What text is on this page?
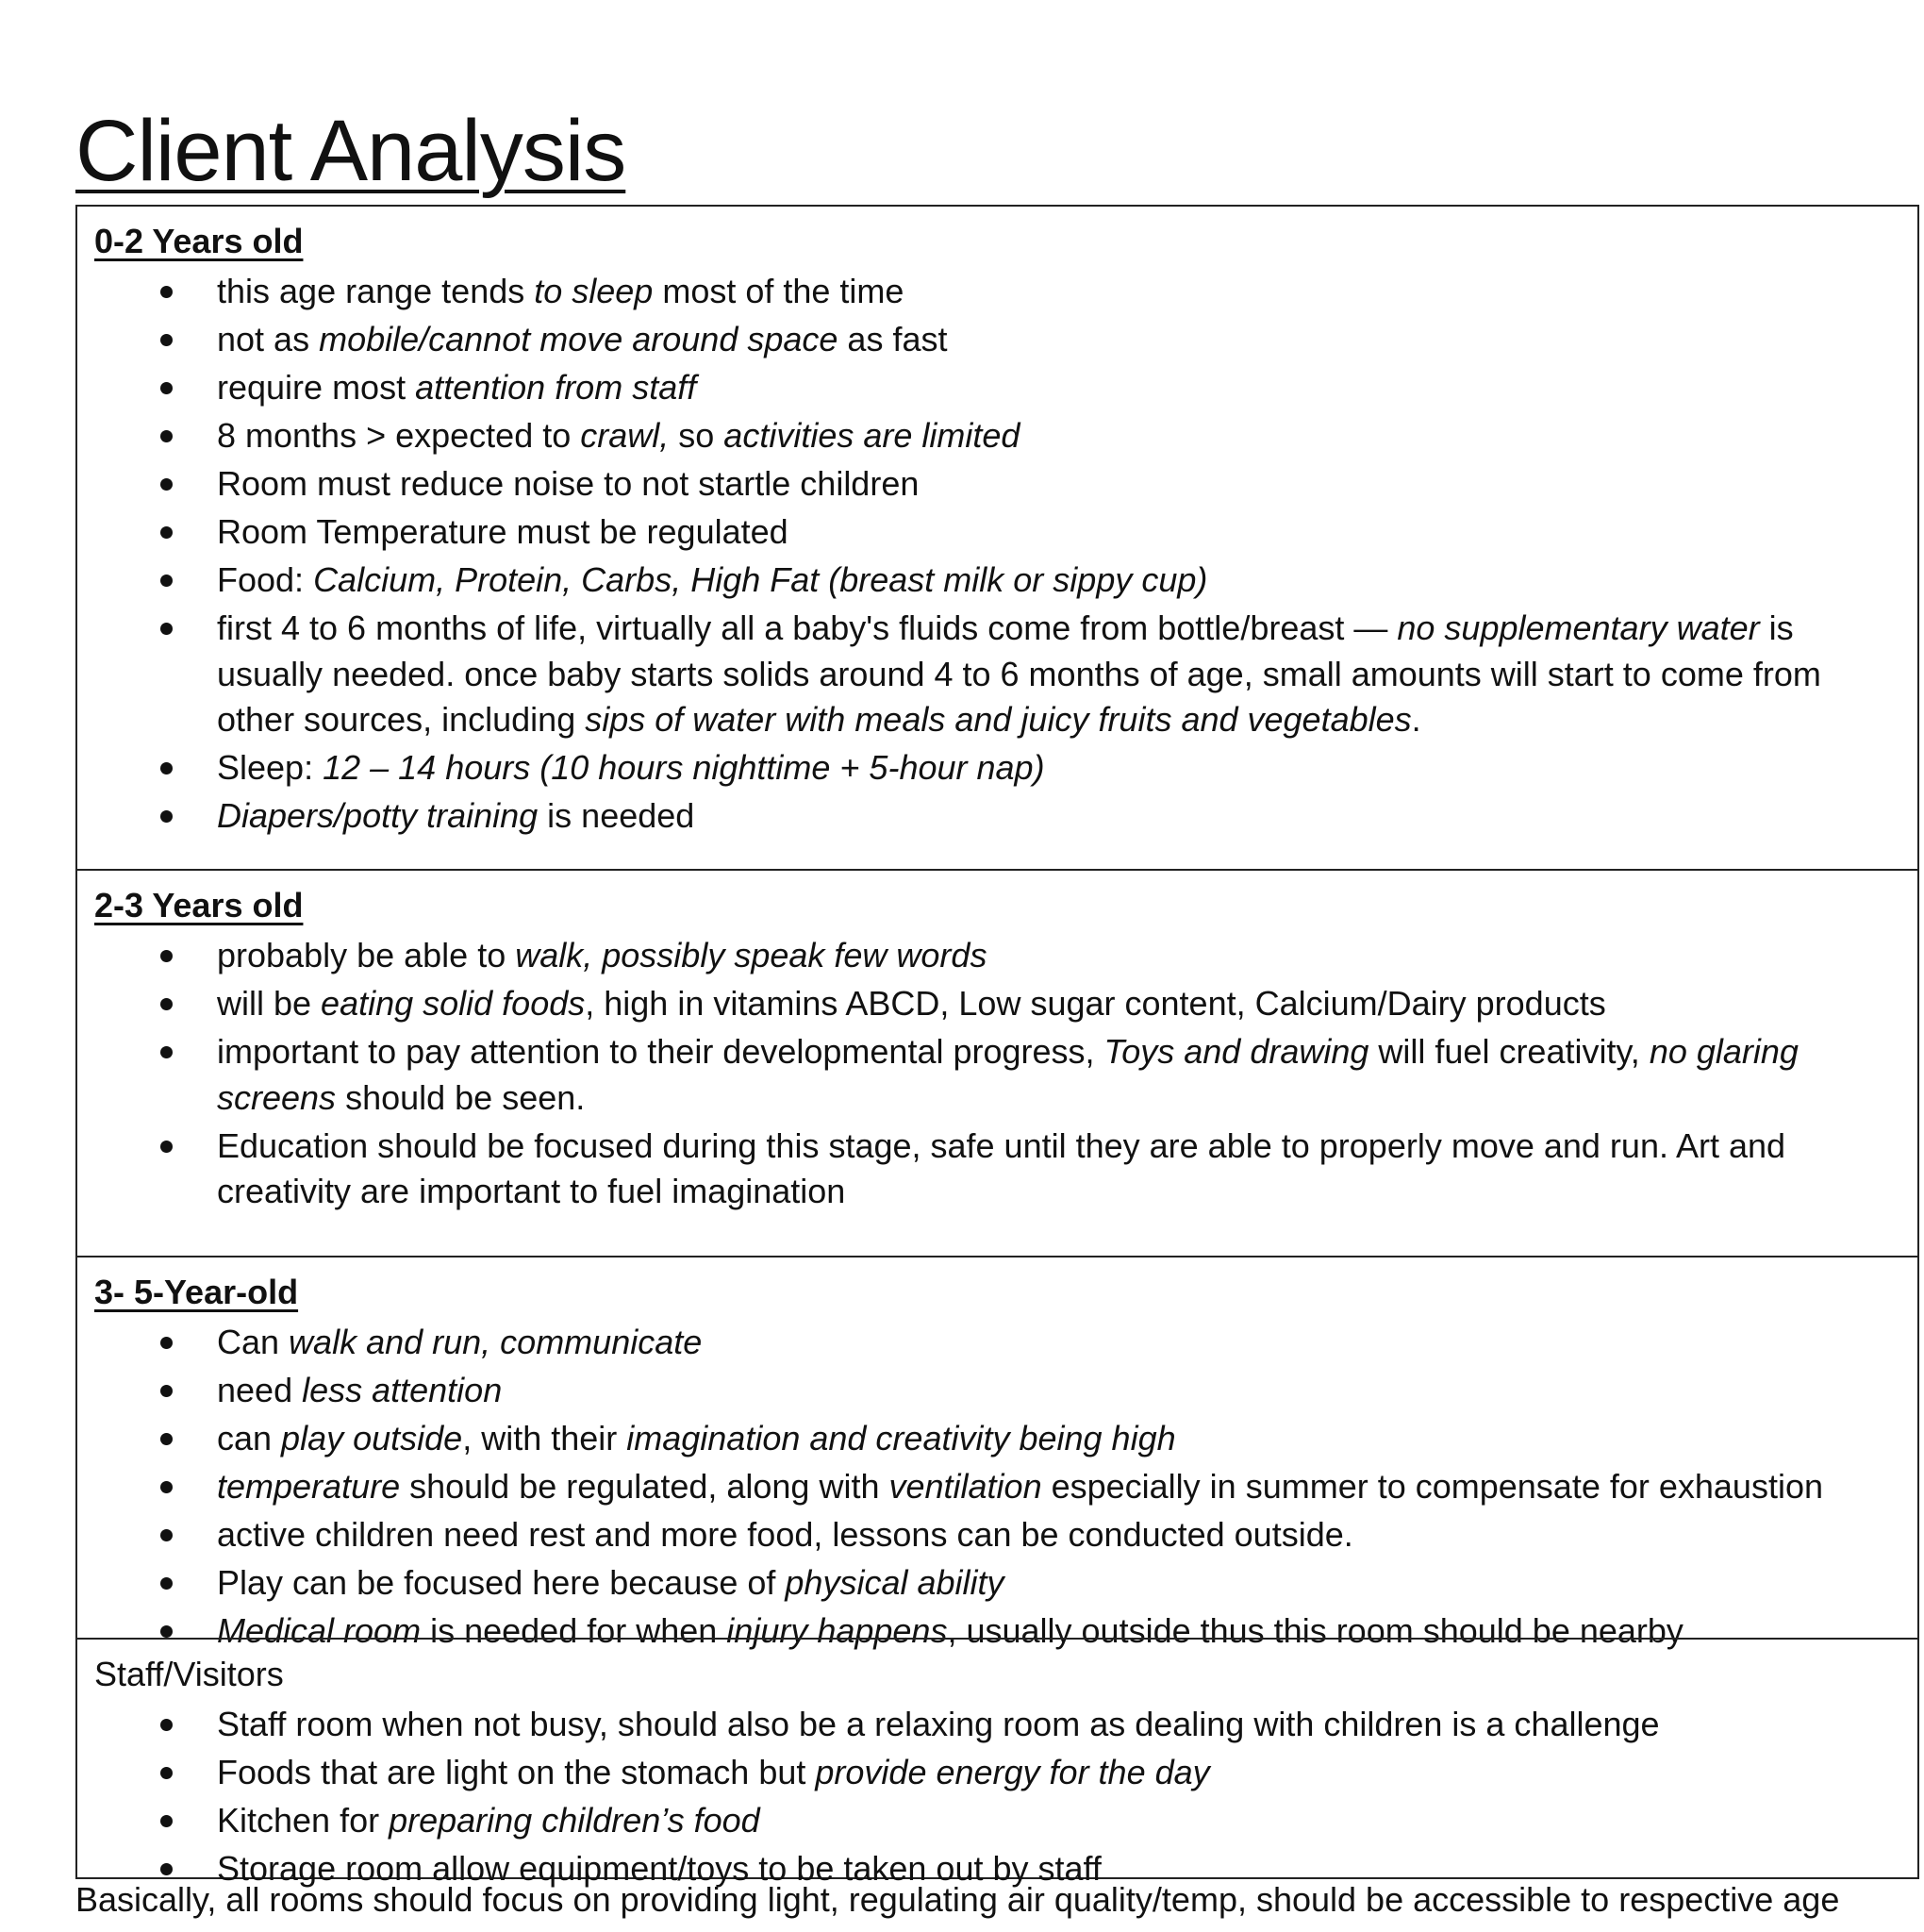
Client Analysis

0-2 Years old

this age range tends to sleep most of the time
not as mobile/cannot move around space as fast
require most attention from staff
8 months > expected to crawl, so activities are limited
Room must reduce noise to not startle children
Room Temperature must be regulated
Food: Calcium, Protein, Carbs, High Fat (breast milk or sippy cup)
first 4 to 6 months of life, virtually all a baby's fluids come from bottle/breast — no supplementary water is usually needed. once baby starts solids around 4 to 6 months of age, small amounts will start to come from other sources, including sips of water with meals and juicy fruits and vegetables.
Sleep: 12 – 14 hours (10 hours nighttime + 5-hour nap)
Diapers/potty training is needed

2-3 Years old

probably be able to walk, possibly speak few words
will be eating solid foods, high in vitamins ABCD, Low sugar content, Calcium/Dairy products
important to pay attention to their developmental progress, Toys and drawing will fuel creativity, no glaring screens should be seen.
Education should be focused during this stage, safe until they are able to properly move and run. Art and creativity are important to fuel imagination

3- 5-Year-old

Can walk and run, communicate
need less attention
can play outside, with their imagination and creativity being high
temperature should be regulated, along with ventilation especially in summer to compensate for exhaustion
active children need rest and more food, lessons can be conducted outside.
Play can be focused here because of physical ability
Medical room is needed for when injury happens, usually outside thus this room should be nearby

Staff/Visitors

Staff room when not busy, should also be a relaxing room as dealing with children is a challenge
Foods that are light on the stomach but provide energy for the day
Kitchen for preparing children’s food
Storage room allow equipment/toys to be taken out by staff
Basically, all rooms should focus on providing light, regulating air quality/temp, should be accessible to respective age
